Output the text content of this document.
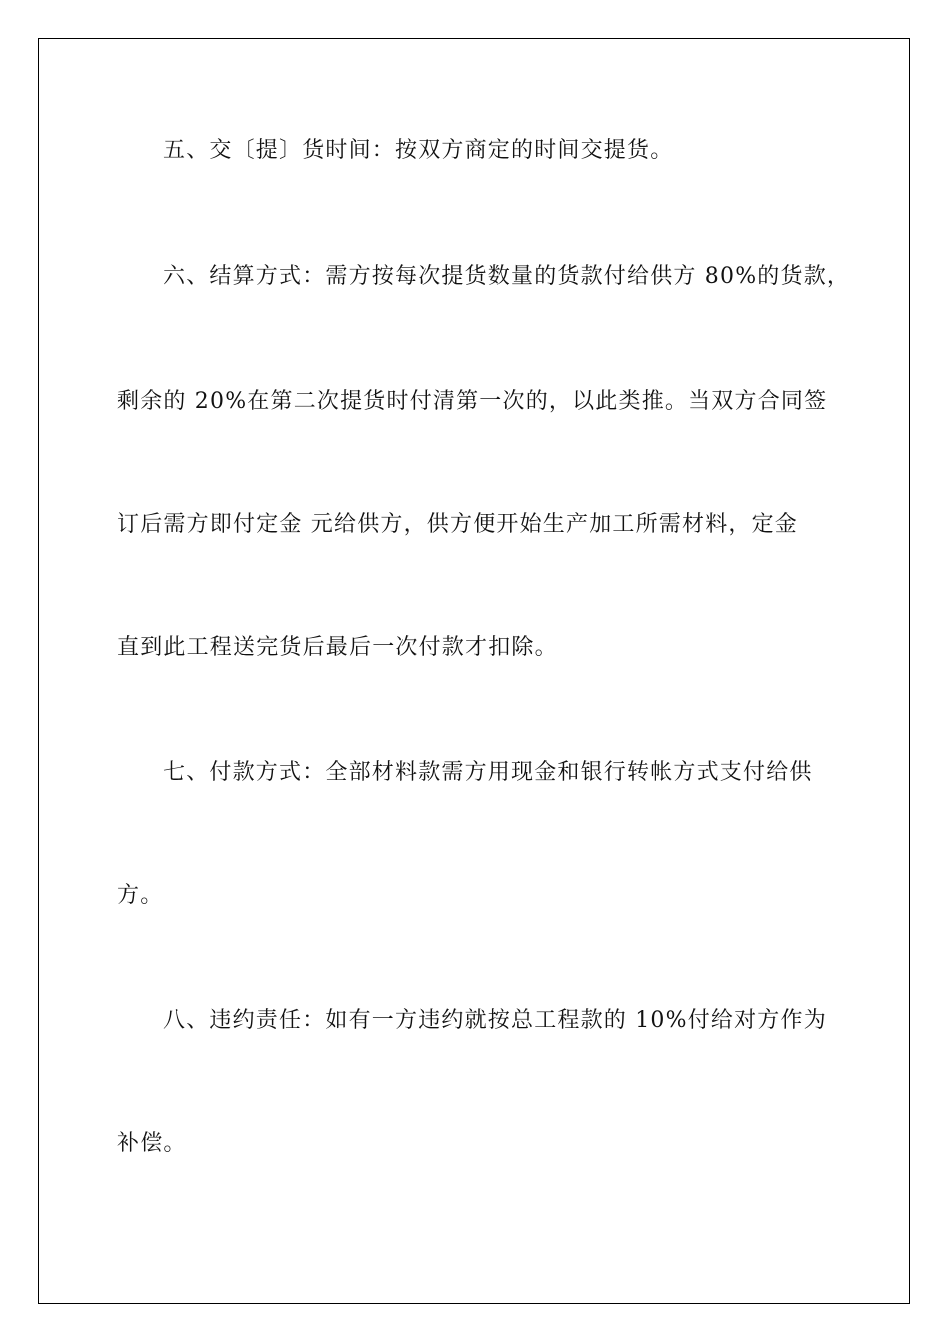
五、交〔提〕货时间：按双方商定的时间交提货。
六、结算方式：需方按每次提货数量的货款付给供方 80%的货款，
剩余的 20%在第二次提货时付清第一次的，以此类推。当双方合同签
订后需方即付定金 元给供方，供方便开始生产加工所需材料，定金
直到此工程送完货后最后一次付款才扣除。
七、付款方式：全部材料款需方用现金和银行转帐方式支付给供
方。
八、违约责任：如有一方违约就按总工程款的 10%付给对方作为
补偿。
